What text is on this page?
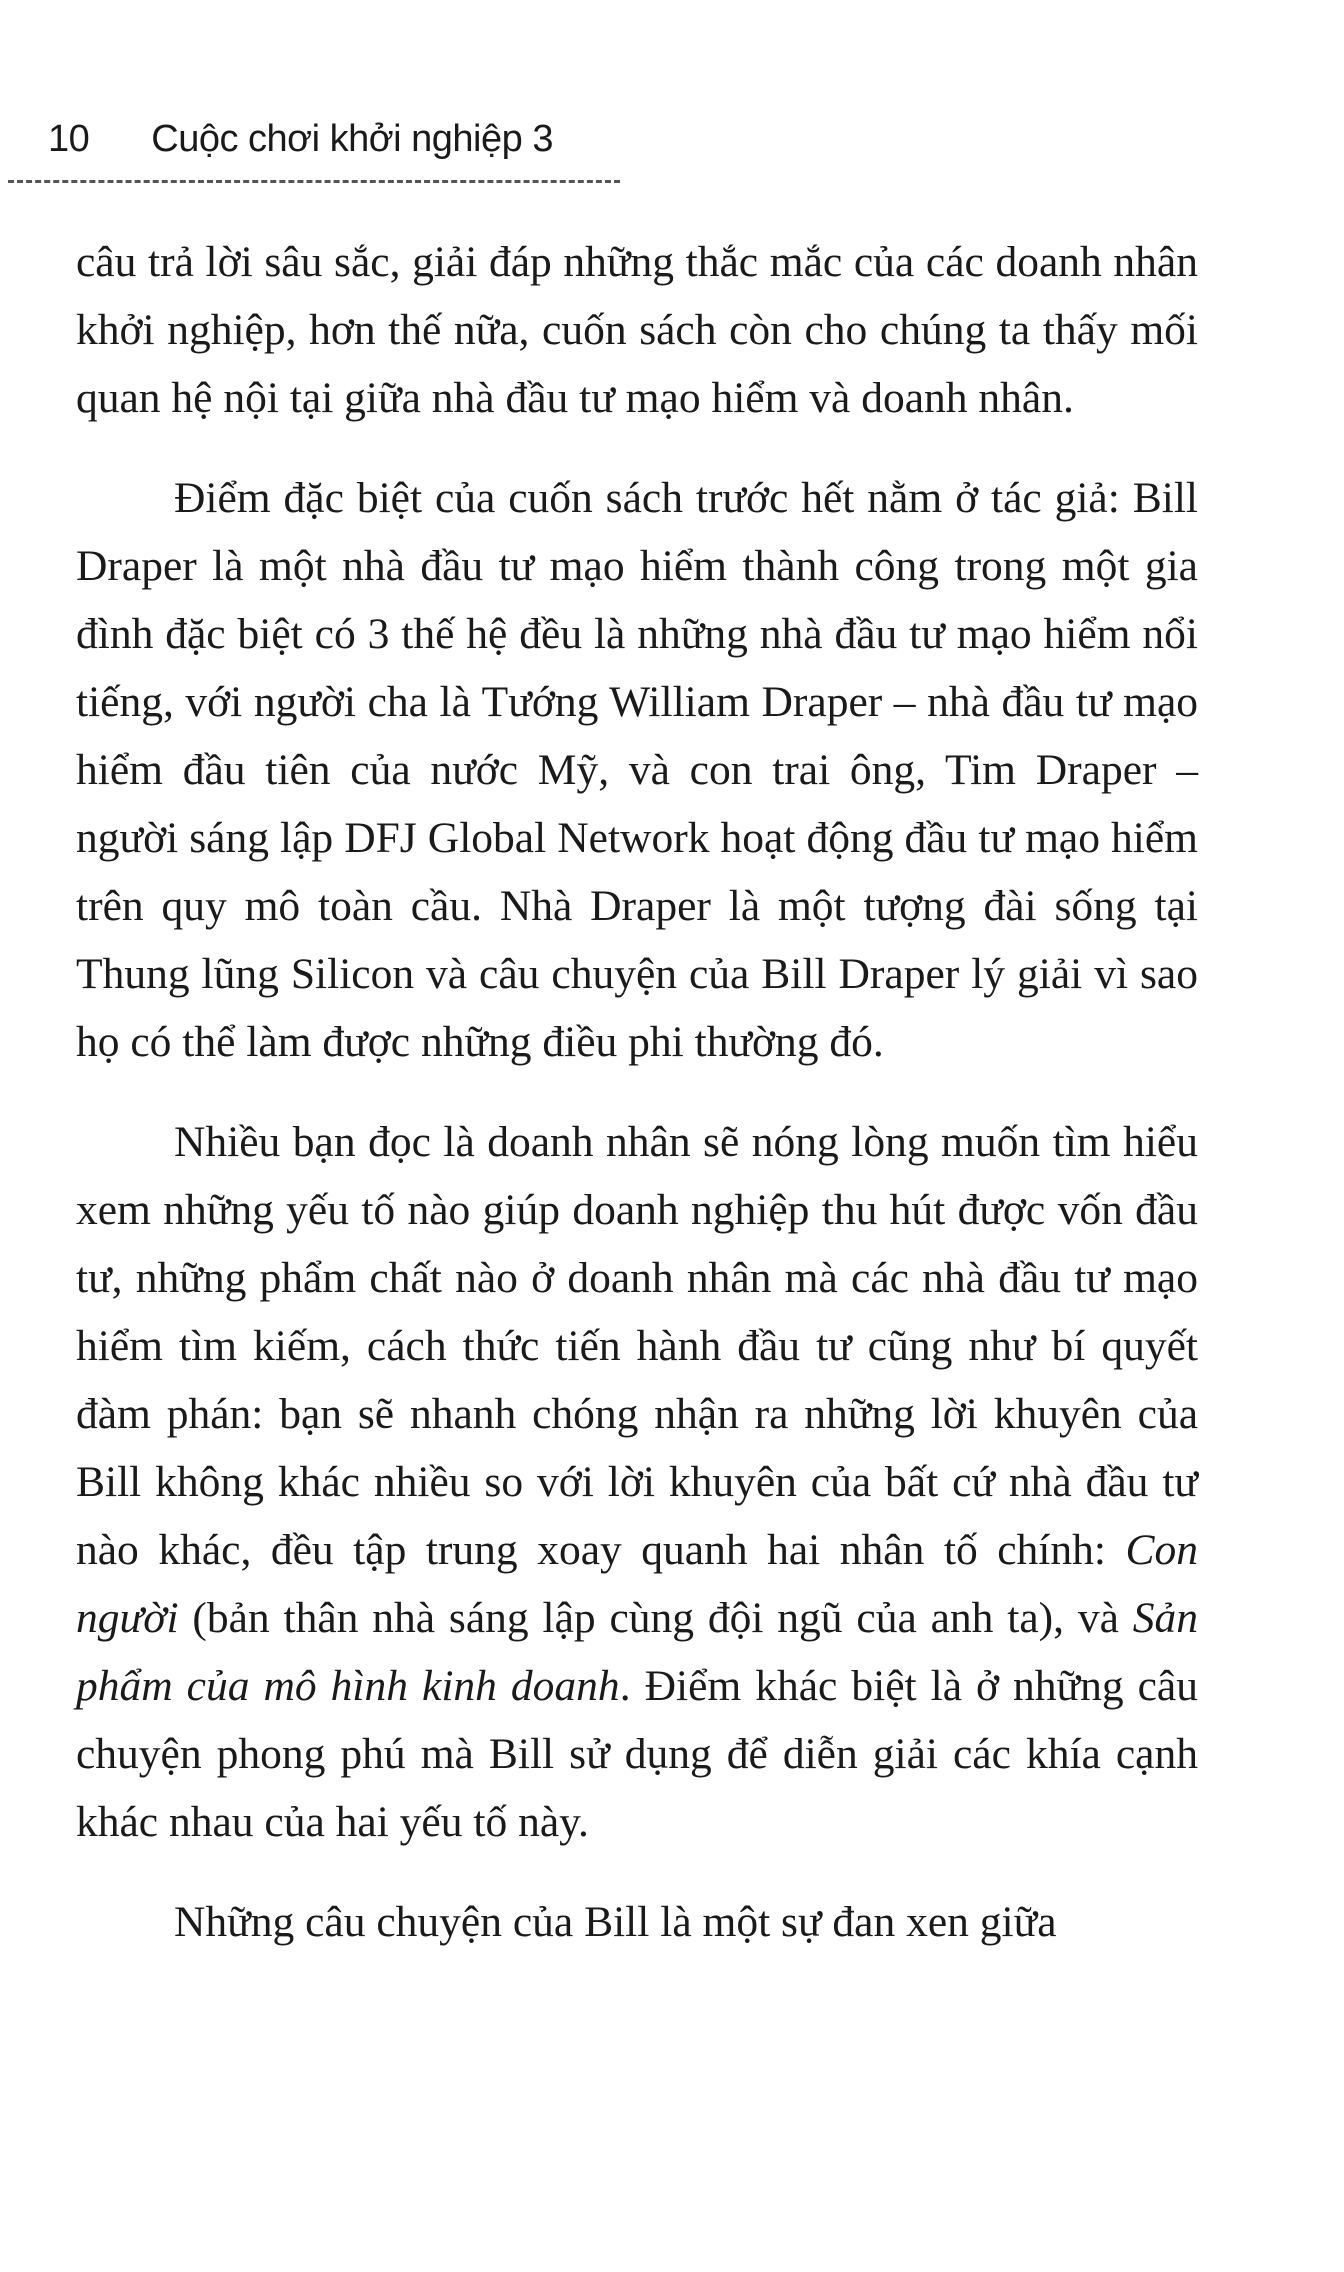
10 Cuộc chơi khởi nghiệp 3

câu trả lời sâu sắc, giải đáp những thắc mắc của các doanh nhân khởi nghiệp, hơn thế nữa, cuốn sách còn cho chúng ta thấy mối quan hệ nội tại giữa nhà đầu tư mạo hiểm và doanh nhân.

Điểm đặc biệt của cuốn sách trước hết nằm ở tác giả: Bill Draper là một nhà đầu tư mạo hiểm thành công trong một gia đình đặc biệt có 3 thế hệ đều là những nhà đầu tư mạo hiểm nổi tiếng, với người cha là Tướng William Draper – nhà đầu tư mạo hiểm đầu tiên của nước Mỹ, và con trai ông, Tim Draper – người sáng lập DFJ Global Network hoạt động đầu tư mạo hiểm trên quy mô toàn cầu. Nhà Draper là một tượng đài sống tại Thung lũng Silicon và câu chuyện của Bill Draper lý giải vì sao họ có thể làm được những điều phi thường đó.

Nhiều bạn đọc là doanh nhân sẽ nóng lòng muốn tìm hiểu xem những yếu tố nào giúp doanh nghiệp thu hút được vốn đầu tư, những phẩm chất nào ở doanh nhân mà các nhà đầu tư mạo hiểm tìm kiếm, cách thức tiến hành đầu tư cũng như bí quyết đàm phán: bạn sẽ nhanh chóng nhận ra những lời khuyên của Bill không khác nhiều so với lời khuyên của bất cứ nhà đầu tư nào khác, đều tập trung xoay quanh hai nhân tố chính: Con người (bản thân nhà sáng lập cùng đội ngũ của anh ta), và Sản phẩm của mô hình kinh doanh. Điểm khác biệt là ở những câu chuyện phong phú mà Bill sử dụng để diễn giải các khía cạnh khác nhau của hai yếu tố này.

Những câu chuyện của Bill là một sự đan xen giữa
